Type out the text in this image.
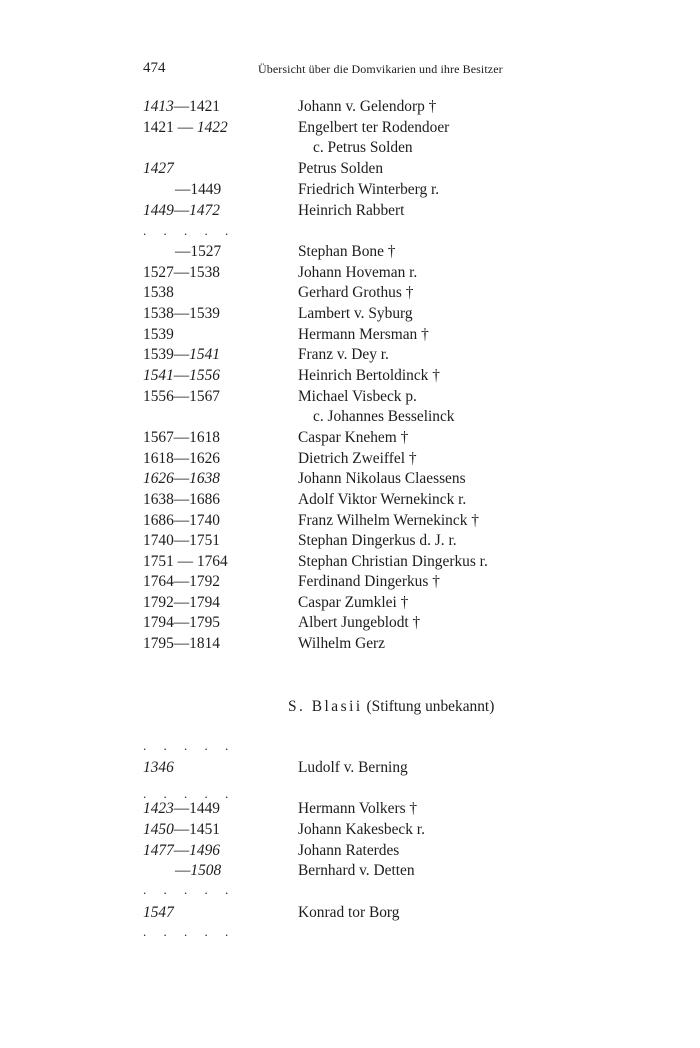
474	Übersicht über die Domvikarien und ihre Besitzer
1413—1421	Johann v. Gelendorp †
1421 — 1422	Engelbert ter Rodendoer
c. Petrus Solden
1427	Petrus Solden
—1449	Friedrich Winterberg r.
1449—1472	Heinrich Rabbert
. . . . .
—1527	Stephan Bone †
1527—1538	Johann Hoveman r.
1538	Gerhard Grothus †
1538—1539	Lambert v. Syburg
1539	Hermann Mersman †
1539—1541	Franz v. Dey r.
1541—1556	Heinrich Bertoldinck †
1556—1567	Michael Visbeck p.
c. Johannes Besselinck
1567—1618	Caspar Knehem †
1618—1626	Dietrich Zweiffel †
1626—1638	Johann Nikolaus Claessens
1638—1686	Adolf Viktor Wernekinck r.
1686—1740	Franz Wilhelm Wernekinck †
1740—1751	Stephan Dingerkus d. J. r.
1751 — 1764	Stephan Christian Dingerkus r.
1764—1792	Ferdinand Dingerkus †
1792—1794	Caspar Zumklei †
1794—1795	Albert Jungeblodt †
1795—1814	Wilhelm Gerz
S. Blasii (Stiftung unbekannt)
. . . . .
1346	Ludolf v. Berning
. . . . .
1423—1449	Hermann Volkers †
1450—1451	Johann Kakesbeck r.
1477—1496	Johann Raterdes
—1508	Bernhard v. Detten
. . . . .
1547	Konrad tor Borg
. . . . .
